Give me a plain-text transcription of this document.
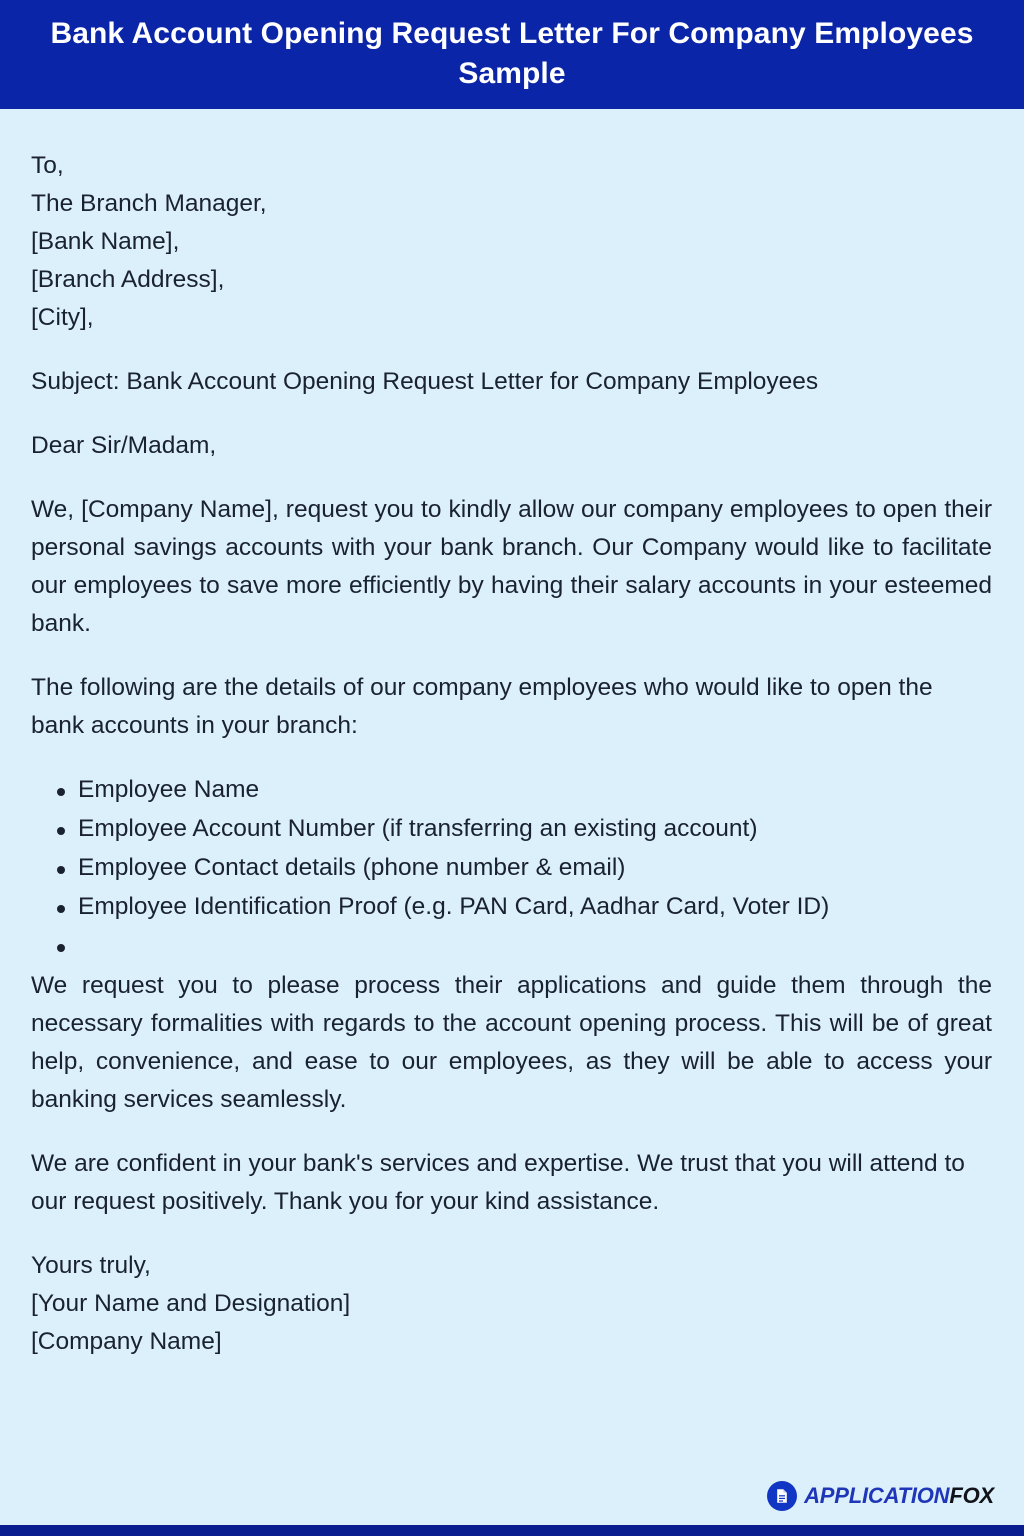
Bank Account Opening Request Letter For Company Employees Sample
To,
The Branch Manager,
[Bank Name],
[Branch Address],
[City],
Subject: Bank Account Opening Request Letter for Company Employees
Dear Sir/Madam,
We, [Company Name], request you to kindly allow our company employees to open their personal savings accounts with your bank branch. Our Company would like to facilitate our employees to save more efficiently by having their salary accounts in your esteemed bank.
The following are the details of our company employees who would like to open the bank accounts in your branch:
Employee Name
Employee Account Number (if transferring an existing account)
Employee Contact details (phone number & email)
Employee Identification Proof (e.g. PAN Card, Aadhar Card, Voter ID)
We request you to please process their applications and guide them through the necessary formalities with regards to the account opening process. This will be of great help, convenience, and ease to our employees, as they will be able to access your banking services seamlessly.
We are confident in your bank's services and expertise. We trust that you will attend to our request positively. Thank you for your kind assistance.
Yours truly,
[Your Name and Designation]
[Company Name]
APPLICATIONFOX
